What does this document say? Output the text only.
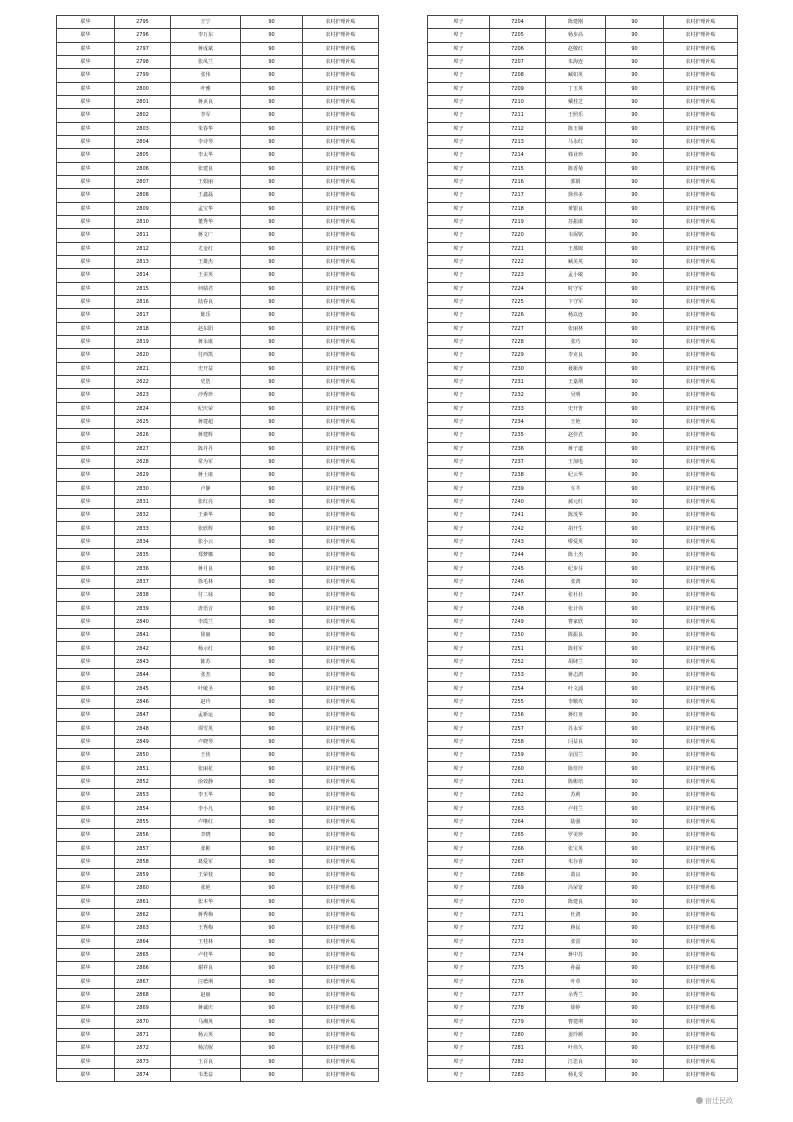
联华	2795	王宁	90	农村护理补贴
联华	2796	李万东	90	农村护理补贴
联华	2797	蒋成斌	90	农村护理补贴
联华	2798	张凤兰	90	农村护理补贴
联华	2799	张伟	90	农村护理补贴
联华	2800	叶雅	90	农村护理补贴
联华	2801	蒋贞良	90	农村护理补贴
联华	2802	李军	90	农村护理补贴
联华	2803	朱春华	90	农村护理补贴
联华	2804	李诗琴	90	农村护理补贴
联华	2805	李太华	90	农村护理补贴
联华	2806	张建良	90	农村护理补贴
联华	2807	王娟丽	90	农村护理补贴
联华	2808	王鑫磊	90	农村护理补贴
联华	2809	孟宝华	90	农村护理补贴
联华	2810	董秀华	90	农村护理补贴
联华	2811	蒋文广	90	农村护理补贴
联华	2812	尤金红	90	农村护理补贴
联华	2813	王雄杰	90	农村护理补贴
联华	2814	王美英	90	农村护理补贴
联华	2815	何婧君	90	农村护理补贴
联华	2816	陆春良	90	农村护理补贴
联华	2817	陈乐	90	农村护理补贴
联华	2818	赵东阳	90	农村护理补贴
联华	2819	蒋永康	90	农村护理补贴
联华	2820	付西凯	90	农村护理补贴
联华	2821	史开益	90	农村护理补贴
联华	2822	史浩	90	农村护理补贴
联华	2823	沙秀珍	90	农村护理补贴
联华	2824	纪庆荣	90	农村护理补贴
联华	2825	蒋建超	90	农村护理补贴
联华	2826	蒋建辉	90	农村护理补贴
联华	2827	陈丹丹	90	农村护理补贴
联华	2828	常为军	90	农村护理补贴
联华	2829	蒋士康	90	农村护理补贴
联华	2830	卢静	90	农村护理补贴
联华	2831	张红亮	90	农村护理补贴
联华	2832	王素华	90	农村护理补贴
联华	2833	张欣辉	90	农村护理补贴
联华	2834	张小云	90	农村护理补贴
联华	2835	郑梦娜	90	农村护理补贴
联华	2836	蒋月良	90	农村护理补贴
联华	2837	徐毛林	90	农村护理补贴
联华	2838	付二妹	90	农村护理补贴
联华	2839	唐语音	90	农村护理补贴
联华	2840	李霞兰	90	农村护理补贴
联华	2841	徐丽	90	农村护理补贴
联华	2842	杨示红	90	农村护理补贴
联华	2843	陈苏	90	农村护理补贴
联华	2844	张杰	90	农村护理补贴
联华	2845	叶敏圣	90	农村护理补贴
联华	2846	赵玲	90	农村护理补贴
联华	2847	孟新运	90	农村护理补贴
联华	2848	谭雪英	90	农村护理补贴
联华	2849	卢晓琴	90	农村护理补贴
联华	2850	王侠	90	农村护理补贴
联华	2851	张丽花	90	农村护理补贴
联华	2852	俞效静	90	农村护理补贴
联华	2853	李玉华	90	农村护理补贴
联华	2854	李小凡	90	农村护理补贴
联华	2855	卢继红	90	农村护理补贴
联华	2856	李晓	90	农村护理补贴
联华	2857	张彬	90	农村护理补贴
联华	2858	葛爱军	90	农村护理补贴
联华	2859	王荣枝	90	农村护理补贴
联华	2860	张艳	90	农村护理补贴
联华	2861	张本华	90	农村护理补贴
联华	2862	蒋秀梅	90	农村护理补贴
联华	2863	王秀梅	90	农村护理补贴
联华	2864	王桂林	90	农村护理补贴
联华	2865	卢桂华	90	农村护理补贴
联华	2866	谢祥良	90	农村护理补贴
联华	2867	汪德荆	90	农村护理补贴
联华	2868	赵丽	90	农村护理补贴
联华	2869	蒋诚庆	90	农村护理补贴
联华	2870	马湘英	90	农村护理补贴
联华	2871	杨云英	90	农村护理补贴
联华	2872	杨洁妮	90	农村护理补贴
联华	2873	王召良	90	农村护理补贴
联华	2874	韦勇益	90	农村护理补贴
埠子	7204	陈建刚	90	农村护理补贴
埠子	7205	杨步高	90	农村护理补贴
埠子	7206	赵敬红	90	农村护理补贴
埠子	7207	朱海连	90	农村护理补贴
埠子	7208	臧如英	90	农村护理补贴
埠子	7209	丁玉英	90	农村护理补贴
埠子	7210	戴桂芝	90	农村护理补贴
埠子	7211	王照乐	90	农村护理补贴
埠子	7212	陈玉娣	90	农村护理补贴
埠子	7213	马永红	90	农村护理补贴
埠子	7214	韩业珍	90	农村护理补贴
埠子	7215	陈香菊	90	农村护理补贴
埠子	7216	郭娟	90	农村护理补贴
埠子	7217	徐伟多	90	农村护理补贴
埠子	7218	黄银良	90	农村护理补贴
埠子	7219	苏振康	90	农村护理补贴
埠子	7220	韦保铭	90	农村护理补贴
埠子	7221	王那姆	90	农村护理补贴
埠子	7222	臧美英	90	农村护理补贴
埠子	7223	孟小敏	90	农村护理补贴
埠子	7224	时守军	90	农村护理补贴
埠子	7225	卞守军	90	农村护理补贴
埠子	7226	杨以连	90	农村护理补贴
埠子	7227	张丽林	90	农村护理补贴
埠子	7228	张巧	90	农村护理补贴
埠子	7229	李克良	90	农村护理补贴
埠子	7230	聂新涛	90	农村护理补贴
埠子	7231	王嘉荆	90	农村护理补贴
埠子	7232	吴明	90	农村护理补贴
埠子	7233	史开皆	90	农村护理补贴
埠子	7234	王艳	90	农村护理补贴
埠子	7235	赵佳君	90	农村护理补贴
埠子	7236	蒋子道	90	农村护理补贴
埠子	7237	王加电	90	农村护理补贴
埠子	7238	纪云华	90	农村护理补贴
埠子	7239	车芊	90	农村护理补贴
埠子	7240	郝元红	90	农村护理补贴
埠子	7241	陈茂华	90	农村护理补贴
埠子	7242	胡开生	90	农村护理补贴
埠子	7243	缪爱英	90	农村护理补贴
埠子	7244	陈士杰	90	农村护理补贴
埠子	7245	纪步芬	90	农村护理补贴
埠子	7246	张鸿	90	农村护理补贴
埠子	7247	张社社	90	农村护理补贴
埠子	7248	张计伟	90	农村护理补贴
埠子	7249	曹家欣	90	农村护理补贴
埠子	7250	陈振良	90	农村护理补贴
埠子	7251	陈桂军	90	农村护理补贴
埠子	7252	胡肆兰	90	农村护理补贴
埠子	7253	蒋志鸿	90	农村护理补贴
埠子	7254	叶文浦	90	农村护理补贴
埠子	7255	李顺攻	90	农村护理补贴
埠子	7256	蒋红亚	90	农村护理补贴
埠子	7257	苏永军	90	农村护理补贴
埠子	7258	闫益良	90	农村护理补贴
埠子	7259	余国兰	90	农村护理补贴
埠子	7260	陈佳玲	90	农村护理补贴
埠子	7261	陈彬培	90	农村护理补贴
埠子	7262	苏莉	90	农村护理补贴
埠子	7263	卢桂兰	90	农村护理补贴
埠子	7264	陆强	90	农村护理补贴
埠子	7265	罗美珍	90	农村护理补贴
埠子	7266	张宝英	90	农村护理补贴
埠子	7267	朱存喜	90	农村护理补贴
埠子	7268	葛良	90	农村护理补贴
埠子	7269	冯荣宽	90	农村护理补贴
埠子	7270	陈建良	90	农村护理补贴
埠子	7271	杜鸿	90	农村护理补贴
埠子	7272	蒋民	90	农村护理补贴
埠子	7273	张雷	90	农村护理补贴
埠子	7274	蒋中苏	90	农村护理补贴
埠子	7275	孙磊	90	农村护理补贴
埠子	7276	叶草	90	农村护理补贴
埠子	7277	余秀兰	90	农村护理补贴
埠子	7278	徐婷	90	农村护理补贴
埠子	7279	曹建荆	90	农村护理补贴
埠子	7280	姜玲颜	90	农村护理补贴
埠子	7281	叶伟久	90	农村护理补贴
埠子	7282	江思良	90	农村护理补贴
埠子	7283	杨礼受	90	农村护理补贴
宿迁民政
